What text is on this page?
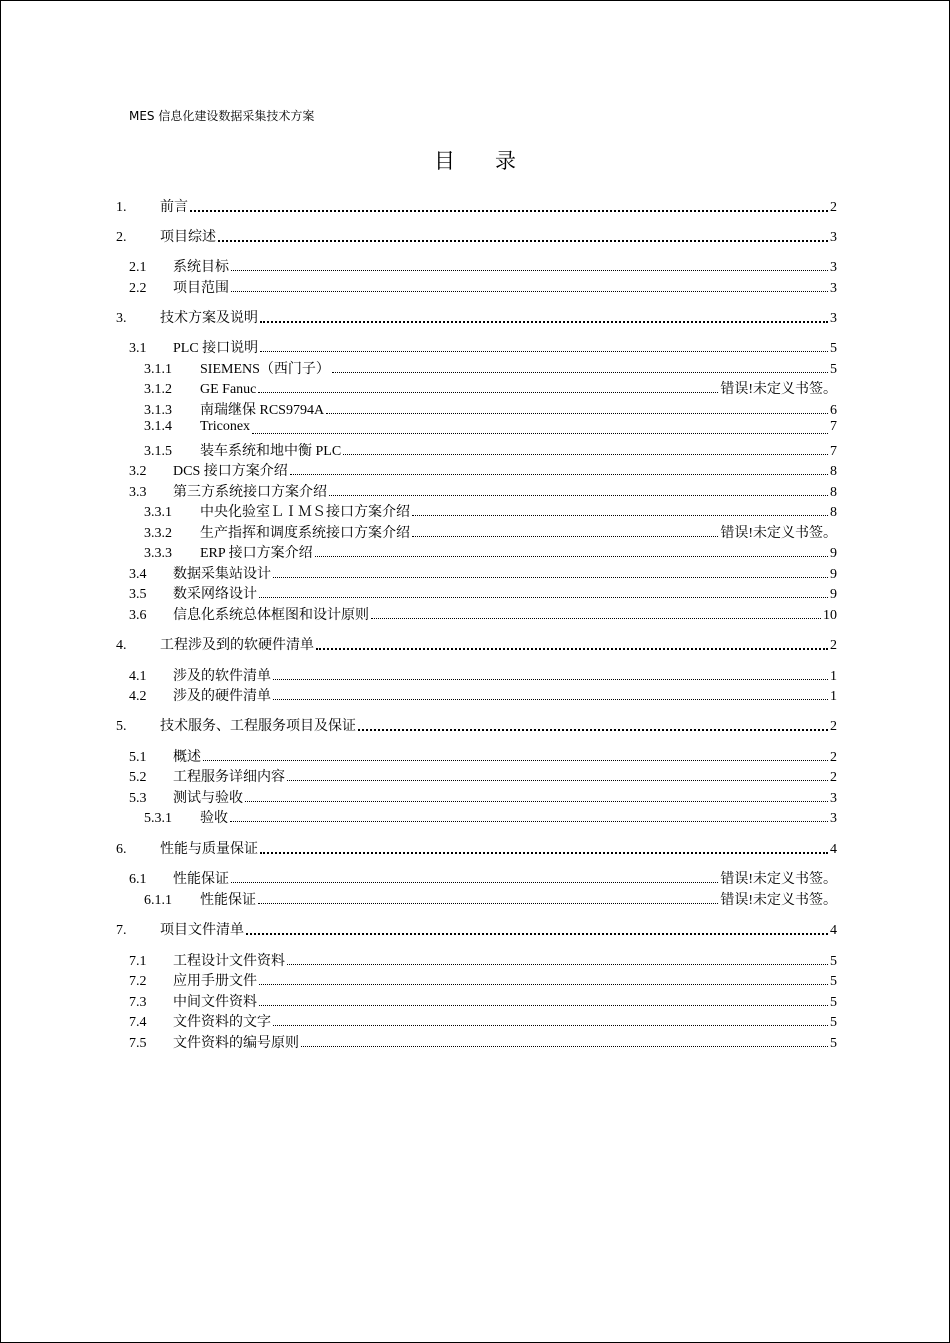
MES 信息化建设数据采集技术方案
目录
1.	前言	2
2.	项目综述	3
2.1	系统目标	3
2.2	项目范围	3
3.	技术方案及说明	3
3.1	PLC 接口说明	5
3.1.1	SIEMENS（西门子）	5
3.1.2	GE Fanuc	错误!未定义书签。
3.1.3	南瑞继保 RCS9794A	6
3.1.4	Triconex	7
3.1.5	装车系统和地中衡 PLC	7
3.2	DCS 接口方案介绍	8
3.3	第三方系统接口方案介绍	8
3.3.1	中央化验室ＬＩＭＳ接口方案介绍	8
3.3.2	生产指挥和调度系统接口方案介绍	错误!未定义书签。
3.3.3	ERP 接口方案介绍	9
3.4	数据采集站设计	9
3.5	数采网络设计	9
3.6	信息化系统总体框图和设计原则	10
4.	工程涉及到的软硬件清单	2
4.1	涉及的软件清单	1
4.2	涉及的硬件清单	1
5.	技术服务、工程服务项目及保证	2
5.1	概述	2
5.2	工程服务详细内容	2
5.3	测试与验收	3
5.3.1	验收	3
6.	性能与质量保证	4
6.1	性能保证	错误!未定义书签。
6.1.1	性能保证	错误!未定义书签。
7.	项目文件清单	4
7.1	工程设计文件资料	5
7.2	应用手册文件	5
7.3	中间文件资料	5
7.4	文件资料的文字	5
7.5	文件资料的编号原则	5
